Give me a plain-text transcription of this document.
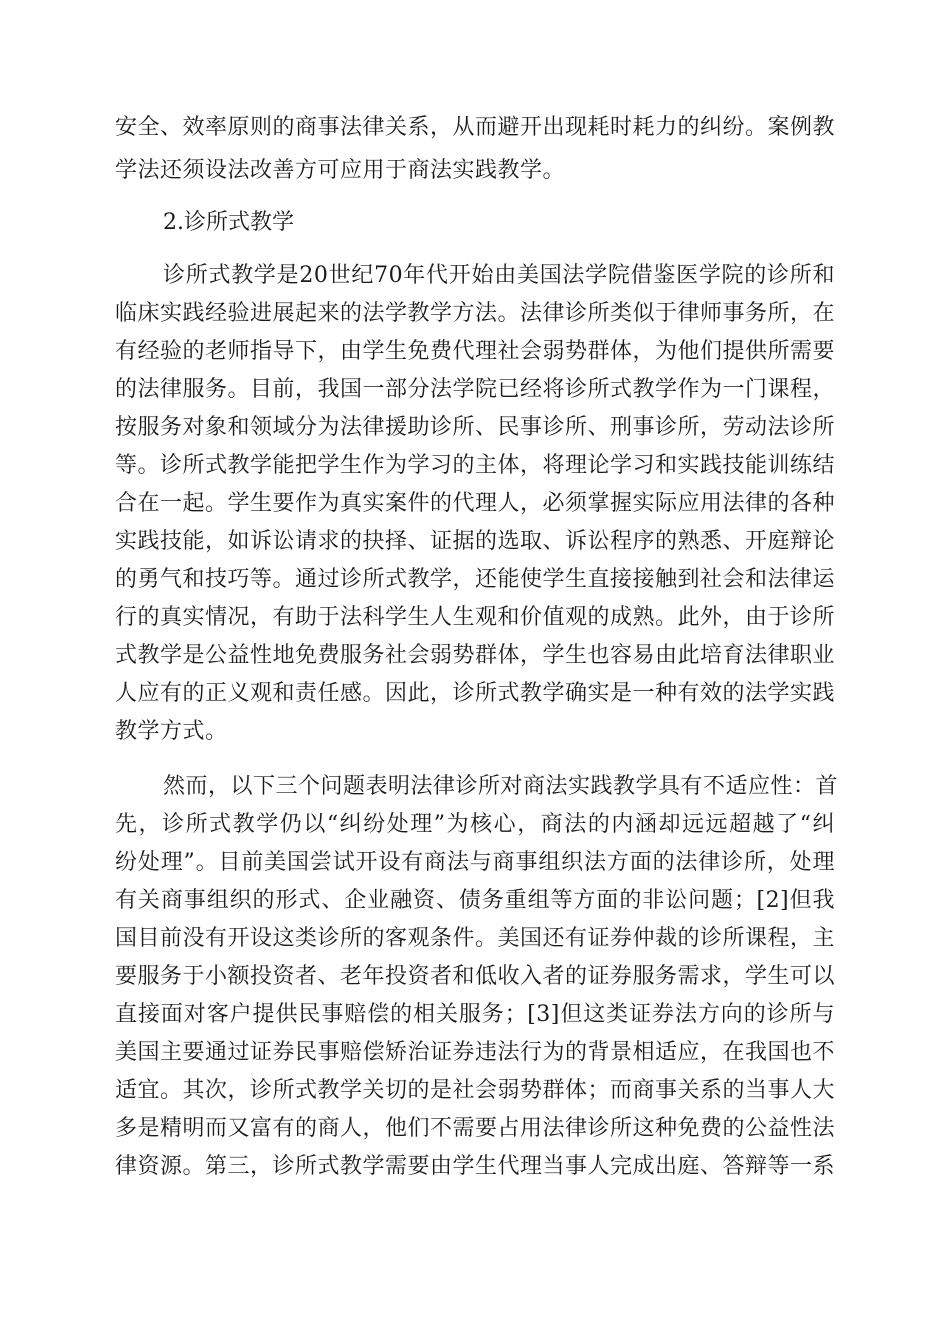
安全、效率原则的商事法律关系，从而避开出现耗时耗力的纠纷。案例教
学法还须设法改善方可应用于商法实践教学。
2.诊所式教学
诊所式教学是20世纪70年代开始由美国法学院借鉴医学院的诊所和
临床实践经验进展起来的法学教学方法。法律诊所类似于律师事务所，在
有经验的老师指导下，由学生免费代理社会弱势群体，为他们提供所需要
的法律服务。目前，我国一部分法学院已经将诊所式教学作为一门课程，
按服务对象和领域分为法律援助诊所、民事诊所、刑事诊所，劳动法诊所
等。诊所式教学能把学生作为学习的主体，将理论学习和实践技能训练结
合在一起。学生要作为真实案件的代理人，必须掌握实际应用法律的各种
实践技能，如诉讼请求的抉择、证据的选取、诉讼程序的熟悉、开庭辩论
的勇气和技巧等。通过诊所式教学，还能使学生直接接触到社会和法律运
行的真实情况，有助于法科学生人生观和价值观的成熟。此外，由于诊所
式教学是公益性地免费服务社会弱势群体，学生也容易由此培育法律职业
人应有的正义观和责任感。因此，诊所式教学确实是一种有效的法学实践
教学方式。
然而，以下三个问题表明法律诊所对商法实践教学具有不适应性：首
先，诊所式教学仍以“纠纷处理”为核心，商法的内涵却远远超越了“纠
纷处理”。目前美国尝试开设有商法与商事组织法方面的法律诊所，处理
有关商事组织的形式、企业融资、债务重组等方面的非讼问题；[2]但我
国目前没有开设这类诊所的客观条件。美国还有证券仲裁的诊所课程，主
要服务于小额投资者、老年投资者和低收入者的证券服务需求，学生可以
直接面对客户提供民事赔偿的相关服务；[3]但这类证券法方向的诊所与
美国主要通过证券民事赔偿矫治证券违法行为的背景相适应，在我国也不
适宜。其次，诊所式教学关切的是社会弱势群体；而商事关系的当事人大
多是精明而又富有的商人，他们不需要占用法律诊所这种免费的公益性法
律资源。第三，诊所式教学需要由学生代理当事人完成出庭、答辩等一系
